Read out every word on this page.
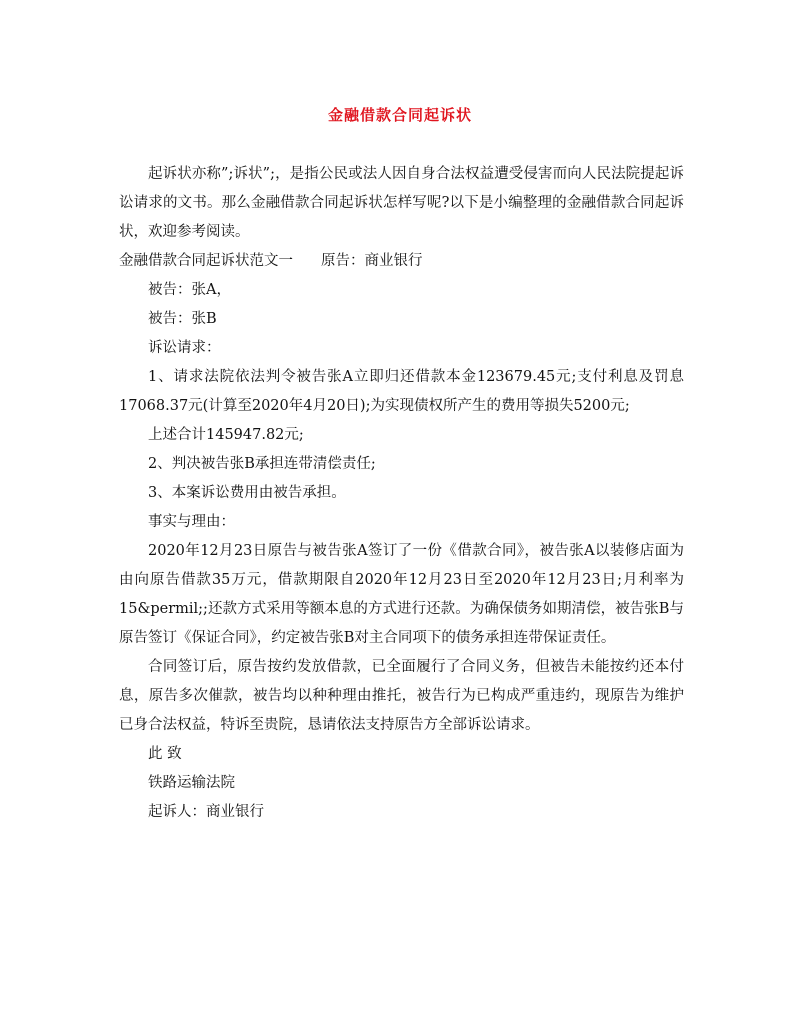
金融借款合同起诉状

起诉状亦称”;诉状”;，是指公民或法人因自身合法权益遭受侵害而向人民法院提起诉讼请求的文书。那么金融借款合同起诉状怎样写呢?以下是小编整理的金融借款合同起诉状，欢迎参考阅读。

金融借款合同起诉状范文一 原告：商业银行

被告：张A，

被告：张B

诉讼请求：

1、请求法院依法判令被告张A立即归还借款本金123679.45元;支付利息及罚息17068.37元(计算至2020年4月20日);为实现债权所产生的费用等损失5200元;

上述合计145947.82元;

2、判决被告张B承担连带清偿责任;

3、本案诉讼费用由被告承担。

事实与理由：

2020年12月23日原告与被告张A签订了一份《借款合同》，被告张A以装修店面为由向原告借款35万元，借款期限自2020年12月23日至2020年12月23日;月利率为15&permil;;还款方式采用等额本息的方式进行还款。为确保债务如期清偿，被告张B与原告签订《保证合同》，约定被告张B对主合同项下的债务承担连带保证责任。

合同签订后，原告按约发放借款，已全面履行了合同义务，但被告未能按约还本付息，原告多次催款，被告均以种种理由推托，被告行为已构成严重违约，现原告为维护已身合法权益，特诉至贵院，恳请依法支持原告方全部诉讼请求。

此 致

铁路运输法院

起诉人：商业银行
